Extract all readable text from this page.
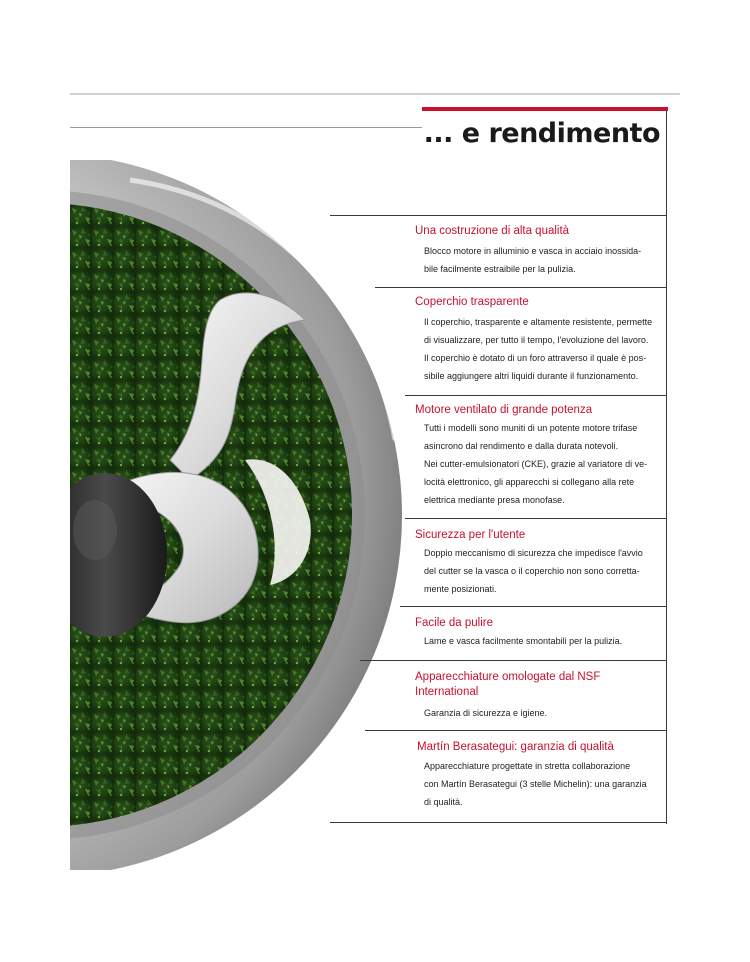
... e rendimento
Una costruzione di alta qualità

Blocco motore in alluminio e vasca in acciaio inossida-
bile facilmente estraibile per la pulizia.

Coperchio trasparente

Il coperchio, trasparente e altamente resistente, permette
di visualizzare, per tutto il tempo, l'evoluzione del lavoro.
Il coperchio è dotato di un foro attraverso il quale è pos-
sibile aggiungere altri liquidi durante il funzionamento.

Motore ventilato di grande potenza

Tutti i modelli sono muniti di un potente motore trifase
asincrono dal rendimento e dalla durata notevoli.
Nei cutter-emulsionatori (CKE), grazie al variatore di ve-
locità elettronico, gli apparecchi si collegano alla rete
elettrica mediante presa monofase.

Sicurezza per l'utente

Doppio meccanismo di sicurezza che impedisce l'avvio
del cutter se la vasca o il coperchio non sono corretta-
mente posizionati.

Facile da pulire

Lame e vasca facilmente smontabili per la pulizia.

Apparecchiature omologate dal NSF International

Garanzia di sicurezza e igiene.

Martín Berasategui: garanzia di qualità

Apparecchiature progettate in stretta collaborazione
con Martín Berasategui (3 stelle Michelin): una garanzia
di qualità.
